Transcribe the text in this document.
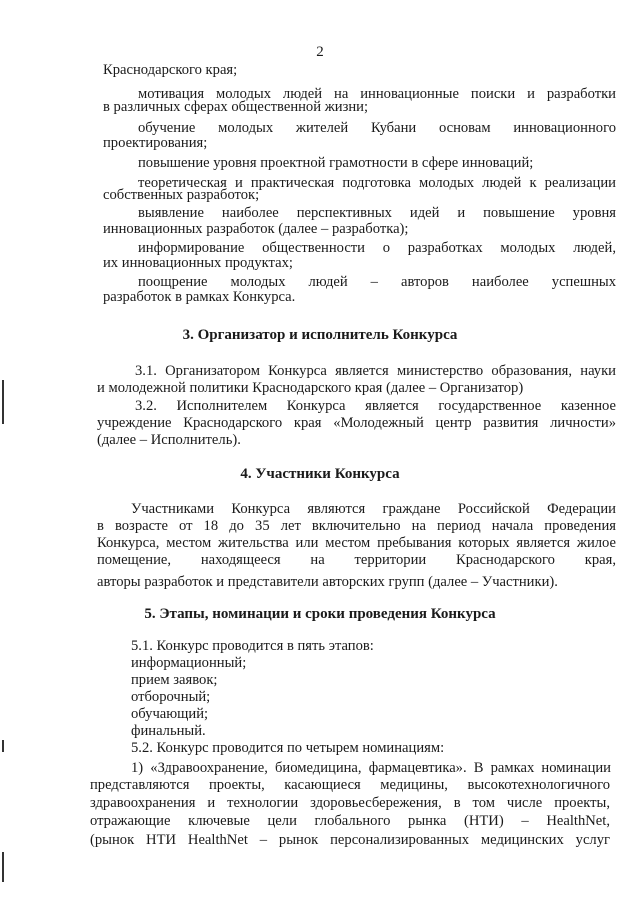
2
Краснодарского края;
мотивация молодых людей на инновационные поиски и разработки
в различных сферах общественной жизни;
обучение молодых жителей Кубани основам инновационного
проектирования;
повышение уровня проектной грамотности в сфере инноваций;
теоретическая и практическая подготовка молодых людей к реализации
собственных разработок;
выявление наиболее перспективных идей и повышение уровня
инновационных разработок (далее – разработка);
информирование общественности о разработках молодых людей,
их инновационных продуктах;
поощрение молодых людей – авторов наиболее успешных
разработок в рамках Конкурса.
3. Организатор и исполнитель Конкурса
3.1. Организатором Конкурса является министерство образования, науки
и молодежной политики Краснодарского края (далее – Организатор)
3.2. Исполнителем Конкурса является государственное казенное
учреждение Краснодарского края «Молодежный центр развития личности»
(далее – Исполнитель).
4. Участники Конкурса
Участниками Конкурса являются граждане Российской Федерации
в возрасте от 18 до 35 лет включительно на период начала проведения
Конкурса, местом жительства или местом пребывания которых является жилое
помещение, находящееся на территории Краснодарского края,
авторы разработок и представители авторских групп (далее – Участники).
5. Этапы, номинации и сроки проведения Конкурса
5.1. Конкурс проводится в пять этапов:
информационный;
прием заявок;
отборочный;
обучающий;
финальный.
5.2. Конкурс проводится по четырем номинациям:
1) «Здравоохранение, биомедицина, фармацевтика». В рамках номинации
представляются проекты, касающиеся медицины, высокотехнологичного
здравоохранения и технологии здоровьесбережения, в том числе проекты,
отражающие ключевые цели глобального рынка (НТИ) – HealthNet,
(рынок НТИ HealthNet – рынок персонализированных медицинских услуг
